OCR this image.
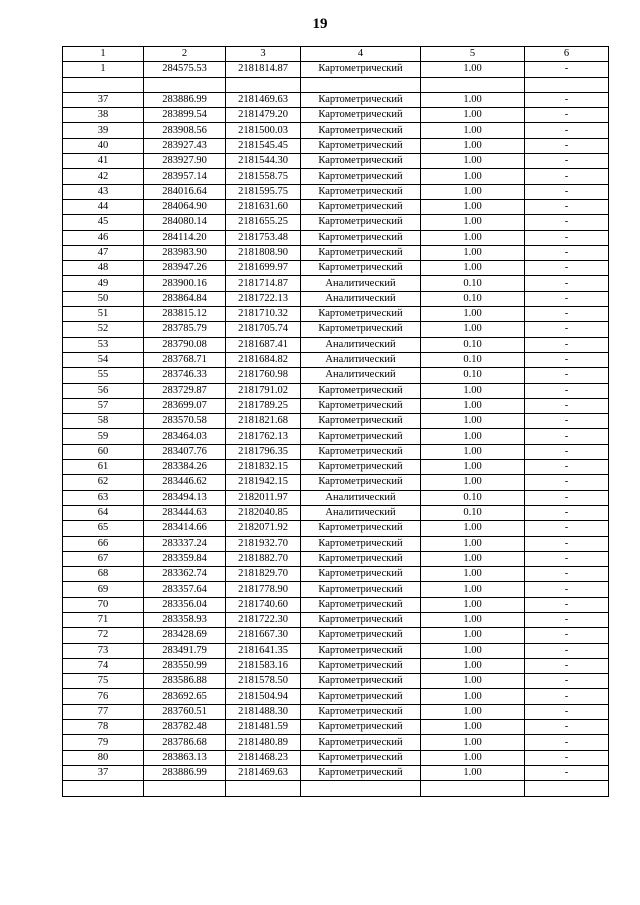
19
1	2	3	4	5	6
1	284575.53	2181814.87	Картометрический	1.00	-

37	283886.99	2181469.63	Картометрический	1.00	-
38	283899.54	2181479.20	Картометрический	1.00	-
39	283908.56	2181500.03	Картометрический	1.00	-
40	283927.43	2181545.45	Картометрический	1.00	-
41	283927.90	2181544.30	Картометрический	1.00	-
42	283957.14	2181558.75	Картометрический	1.00	-
43	284016.64	2181595.75	Картометрический	1.00	-
44	284064.90	2181631.60	Картометрический	1.00	-
45	284080.14	2181655.25	Картометрический	1.00	-
46	284114.20	2181753.48	Картометрический	1.00	-
47	283983.90	2181808.90	Картометрический	1.00	-
48	283947.26	2181699.97	Картометрический	1.00	-
49	283900.16	2181714.87	Аналитический	0.10	-
50	283864.84	2181722.13	Аналитический	0.10	-
51	283815.12	2181710.32	Картометрический	1.00	-
52	283785.79	2181705.74	Картометрический	1.00	-
53	283790.08	2181687.41	Аналитический	0.10	-
54	283768.71	2181684.82	Аналитический	0.10	-
55	283746.33	2181760.98	Аналитический	0.10	-
56	283729.87	2181791.02	Картометрический	1.00	-
57	283699.07	2181789.25	Картометрический	1.00	-
58	283570.58	2181821.68	Картометрический	1.00	-
59	283464.03	2181762.13	Картометрический	1.00	-
60	283407.76	2181796.35	Картометрический	1.00	-
61	283384.26	2181832.15	Картометрический	1.00	-
62	283446.62	2181942.15	Картометрический	1.00	-
63	283494.13	2182011.97	Аналитический	0.10	-
64	283444.63	2182040.85	Аналитический	0.10	-
65	283414.66	2182071.92	Картометрический	1.00	-
66	283337.24	2181932.70	Картометрический	1.00	-
67	283359.84	2181882.70	Картометрический	1.00	-
68	283362.74	2181829.70	Картометрический	1.00	-
69	283357.64	2181778.90	Картометрический	1.00	-
70	283356.04	2181740.60	Картометрический	1.00	-
71	283358.93	2181722.30	Картометрический	1.00	-
72	283428.69	2181667.30	Картометрический	1.00	-
73	283491.79	2181641.35	Картометрический	1.00	-
74	283550.99	2181583.16	Картометрический	1.00	-
75	283586.88	2181578.50	Картометрический	1.00	-
76	283692.65	2181504.94	Картометрический	1.00	-
77	283760.51	2181488.30	Картометрический	1.00	-
78	283782.48	2181481.59	Картометрический	1.00	-
79	283786.68	2181480.89	Картометрический	1.00	-
80	283863.13	2181468.23	Картометрический	1.00	-
37	283886.99	2181469.63	Картометрический	1.00	-
